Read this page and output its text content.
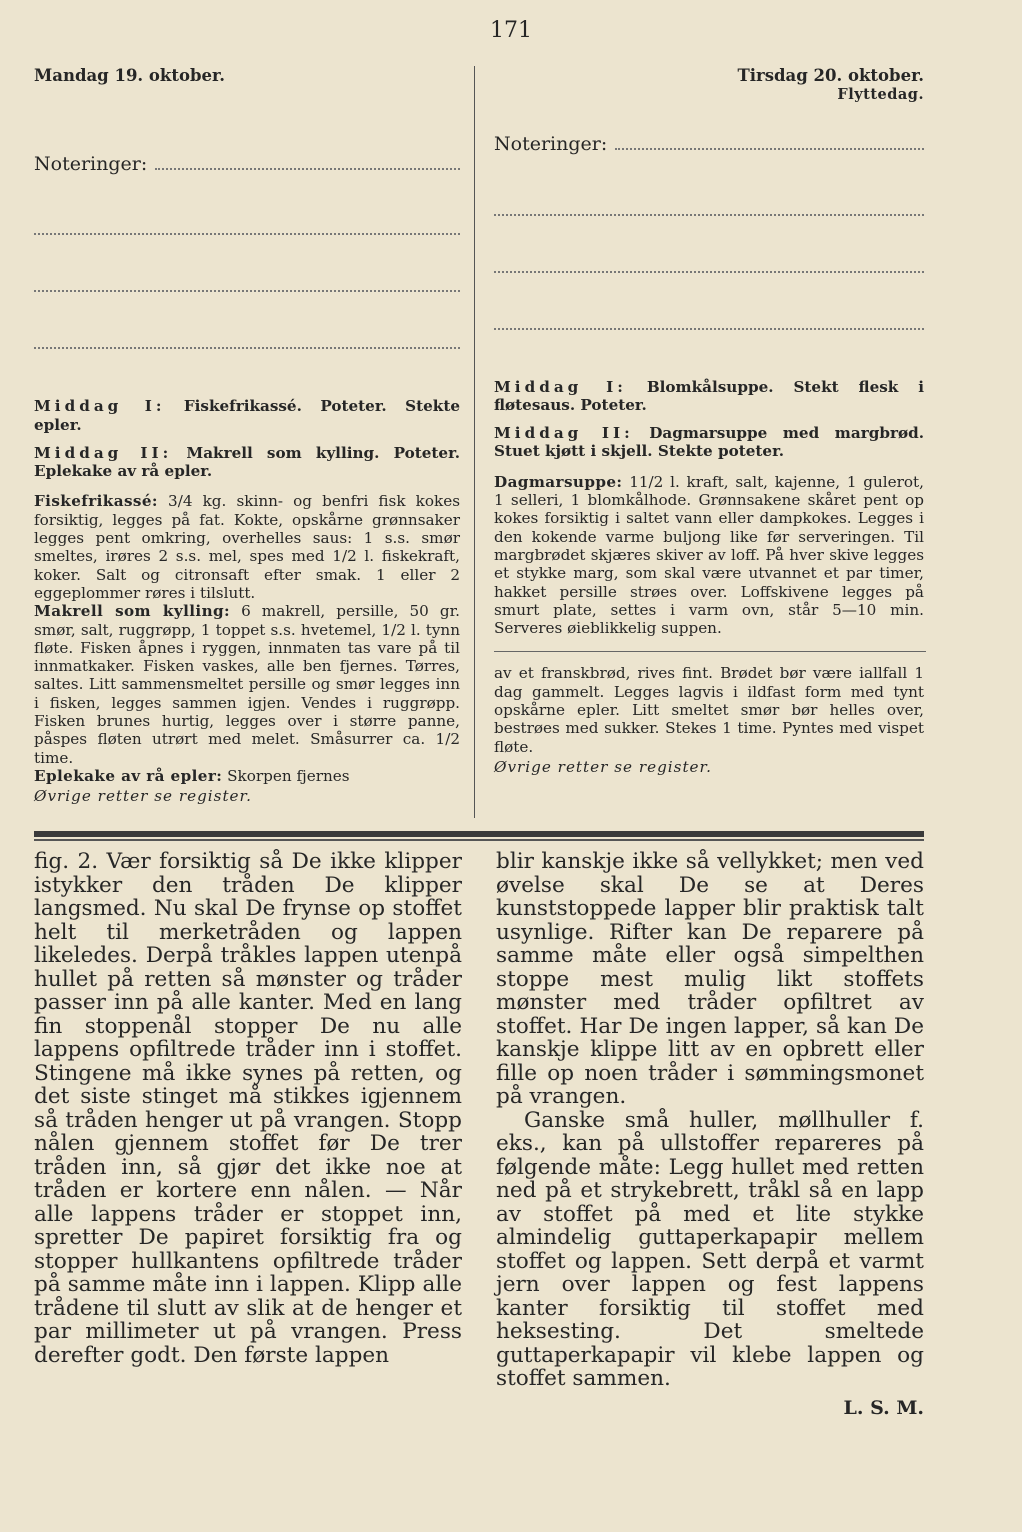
171
Mandag 19. oktober.
Noteringer:
Middag I: Fiskefrikassé. Poteter. Stekte epler.
Middag II: Makrell som kylling. Poteter. Eplekake av rå epler.

Fiskefrikassé: 3/4 kg. skinn- og benfri fisk kokes forsiktig, legges på fat. Kokte, opskårne grønnsaker legges pent omkring, overhelles saus: 1 s.s. smør smeltes, irøres 2 s.s. mel, spes med 1/2 l. fiskekraft, koker. Salt og citronsaft efter smak. 1 eller 2 eggeplommer røres i tilslutt.

Makrell som kylling: 6 makrell, persille, 50 gr. smør, salt, ruggrøpp, 1 toppet s.s. hvetemel, 1/2 l. tynn fløte. Fisken åpnes i ryggen, innmaten tas vare på til innmatkaker. Fisken vaskes, alle ben fjernes. Tørres, saltes. Litt sammensmeltet persille og smør legges inn i fisken, legges sammen igjen. Vendes i ruggrøpp. Fisken brunes hurtig, legges over i større panne, påspes fløten utrørt med melet. Småsurrer ca. 1/2 time.

Eplekake av rå epler: Skorpen fjernes

Øvrige retter se register.
Tirsdag 20. oktober.
Flyttedag.
Noteringer:
Middag I: Blomkålsuppe. Stekt flesk i fløtesaus. Poteter.
Middag II: Dagmarsuppe med margbrød. Stuet kjøtt i skjell. Stekte poteter.

Dagmarsuppe: 11/2 l. kraft, salt, kajenne, 1 gulerot, 1 selleri, 1 blomkålhode. Grønnsakene skåret pent op kokes forsiktig i saltet vann eller dampkokes. Legges i den kokende varme buljong like før serveringen. Til margbrødet skjæres skiver av loff. På hver skive legges et stykke marg, som skal være utvannet et par timer, hakket persille strøes over. Loffskivene legges på smurt plate, settes i varm ovn, står 5—10 min. Serveres øieblikkelig suppen.

av et franskbrød, rives fint. Brødet bør være iallfall 1 dag gammelt. Legges lagvis i ildfast form med tynt opskårne epler. Litt smeltet smør bør helles over, bestrøes med sukker. Stekes 1 time. Pyntes med vispet fløte.

Øvrige retter se register.

fig. 2. Vær forsiktig så De ikke klipper istykker den tråden De klipper langsmed. Nu skal De frynse op stoffet helt til merketråden og lappen likeledes. Derpå tråkles lappen utenpå hullet på retten så mønster og tråder passer inn på alle kanter. Med en lang fin stoppenål stopper De nu alle lappens opfiltrede tråder inn i stoffet. Stingene må ikke synes på retten, og det siste stinget må stikkes igjennem så tråden henger ut på vrangen. Stopp nålen gjennem stoffet før De trer tråden inn, så gjør det ikke noe at tråden er kortere enn nålen. — Når alle lappens tråder er stoppet inn, spretter De papiret forsiktig fra og stopper hullkantens opfiltrede tråder på samme måte inn i lappen. Klipp alle trådene til slutt av slik at de henger et par millimeter ut på vrangen. Press derefter godt. Den første lappen

blir kanskje ikke så vellykket; men ved øvelse skal De se at Deres kunststoppede lapper blir praktisk talt usynlige. Rifter kan De reparere på samme måte eller også simpelthen stoppe mest mulig likt stoffets mønster med tråder opfiltret av stoffet. Har De ingen lapper, så kan De kanskje klippe litt av en opbrett eller fille op noen tråder i sømmingsmonet på vrangen.

Ganske små huller, møllhuller f. eks., kan på ullstoffer repareres på følgende måte: Legg hullet med retten ned på et strykebrett, tråkl så en lapp av stoffet på med et lite stykke almindelig guttaperkapapir mellem stoffet og lappen. Sett derpå et varmt jern over lappen og fest lappens kanter forsiktig til stoffet med heksesting. Det smeltede guttaperkapapir vil klebe lappen og stoffet sammen.

L. S. M.
